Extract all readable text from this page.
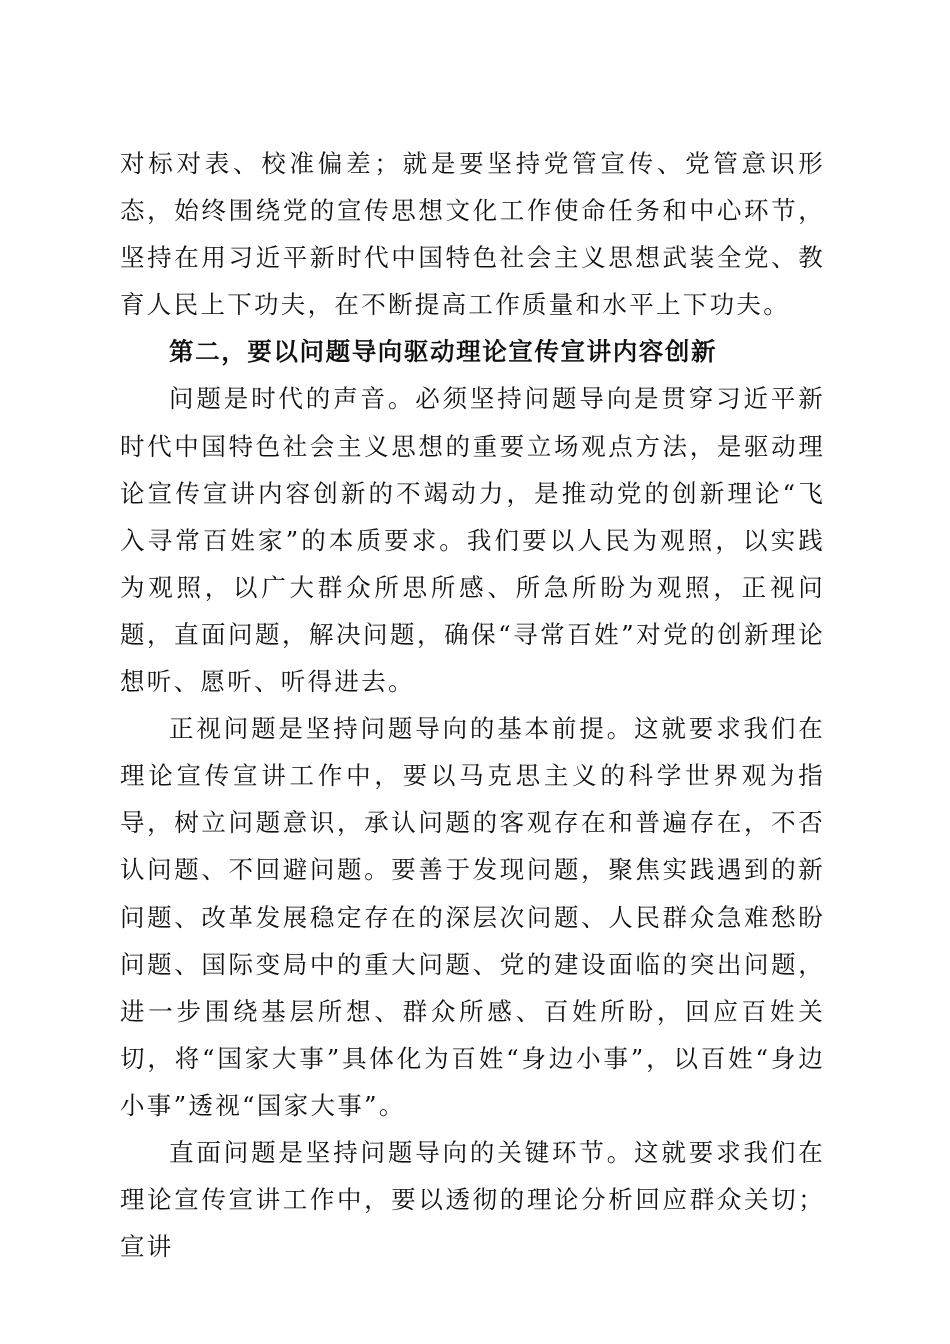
对标对表、校准偏差；就是要坚持党管宣传、党管意识形态，始终围绕党的宣传思想文化工作使命任务和中心环节，坚持在用习近平新时代中国特色社会主义思想武装全党、教育人民上下功夫，在不断提高工作质量和水平上下功夫。

第二，要以问题导向驱动理论宣传宣讲内容创新

问题是时代的声音。必须坚持问题导向是贯穿习近平新时代中国特色社会主义思想的重要立场观点方法，是驱动理论宣传宣讲内容创新的不竭动力，是推动党的创新理论“飞入寻常百姓家”的本质要求。我们要以人民为观照，以实践为观照，以广大群众所思所感、所急所盼为观照，正视问题，直面问题，解决问题，确保“寻常百姓”对党的创新理论想听、愿听、听得进去。

正视问题是坚持问题导向的基本前提。这就要求我们在理论宣传宣讲工作中，要以马克思主义的科学世界观为指导，树立问题意识，承认问题的客观存在和普遍存在，不否认问题、不回避问题。要善于发现问题，聚焦实践遇到的新问题、改革发展稳定存在的深层次问题、人民群众急难愁盼问题、国际变局中的重大问题、党的建设面临的突出问题，进一步围绕基层所想、群众所感、百姓所盼，回应百姓关切，将“国家大事”具体化为百姓“身边小事”，以百姓“身边小事”透视“国家大事”。

直面问题是坚持问题导向的关键环节。这就要求我们在理论宣传宣讲工作中，要以透彻的理论分析回应群众关切；宣讲
